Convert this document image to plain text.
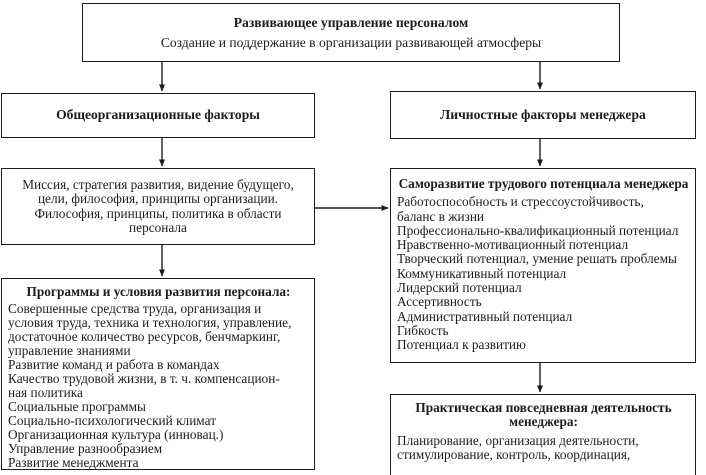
Развивающее управление персоналом
Создание и поддержание в организации развивающей атмосферы
Общеорганизационные факторы	Личностные факторы менеджера
Миссия, стратегия развития, видение будущего,
цели, философия, принципы организации.
Философия, принципы, политика в области
персонала
Саморазвитие трудового потенциала менеджера
Работоспособность и стрессоустойчивость,
баланс в жизни
Профессионально-квалификационный потенциал
Нравственно-мотивационный потенциал
Творческий потенциал, умение решать проблемы
Коммуникативный потенциал
Лидерский потенциал
Ассертивность
Административный потенциал
Гибкость
Потенциал к развитию
Программы и условия развития персонала:
Совершенные средства труда, организация и
условия труда, техника и технология, управление,
достаточное количество ресурсов, бенчмаркинг,
управление знаниями
Развитие команд и работа в командах
Качество трудовой жизни, в т. ч. компенсацион-
ная политика
Социальные программы
Социально-психологический климат
Организационная культура (инновац.)
Управление разнообразием
Развитие менеджмента
Практическая повседневная деятельность
менеджера:
Планирование, организация деятельности,
стимулирование, контроль, координация,
